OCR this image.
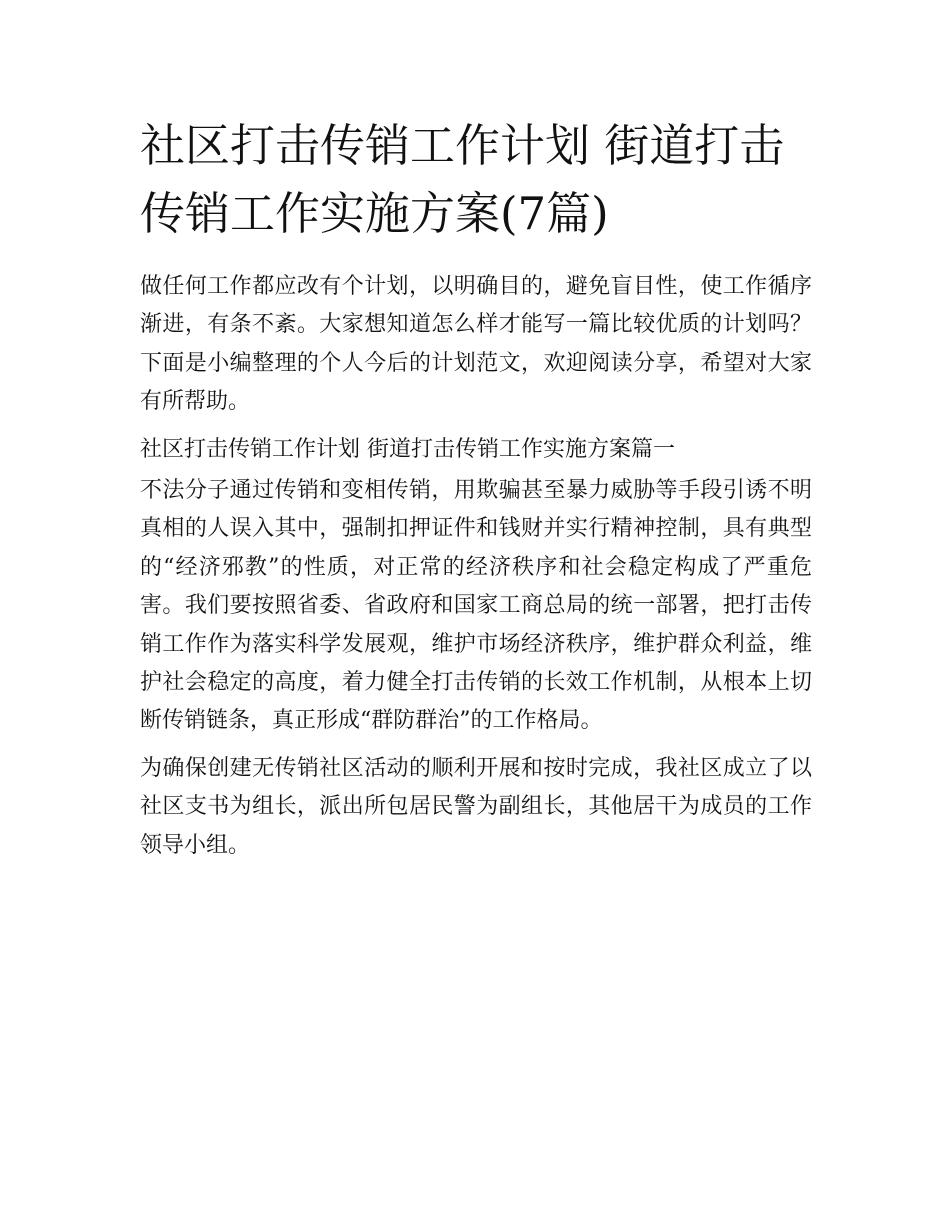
社区打击传销工作计划 街道打击传销工作实施方案(7篇)

做任何工作都应改有个计划，以明确目的，避免盲目性，使工作循序渐进，有条不紊。大家想知道怎么样才能写一篇比较优质的计划吗？下面是小编整理的个人今后的计划范文，欢迎阅读分享，希望对大家有所帮助。

社区打击传销工作计划 街道打击传销工作实施方案篇一

不法分子通过传销和变相传销，用欺骗甚至暴力威胁等手段引诱不明真相的人误入其中，强制扣押证件和钱财并实行精神控制，具有典型的“经济邪教”的性质，对正常的经济秩序和社会稳定构成了严重危害。我们要按照省委、省政府和国家工商总局的统一部署，把打击传销工作作为落实科学发展观，维护市场经济秩序，维护群众利益，维护社会稳定的高度，着力健全打击传销的长效工作机制，从根本上切断传销链条，真正形成“群防群治”的工作格局。

为确保创建无传销社区活动的顺利开展和按时完成，我社区成立了以社区支书为组长，派出所包居民警为副组长，其他居干为成员的工作领导小组。
